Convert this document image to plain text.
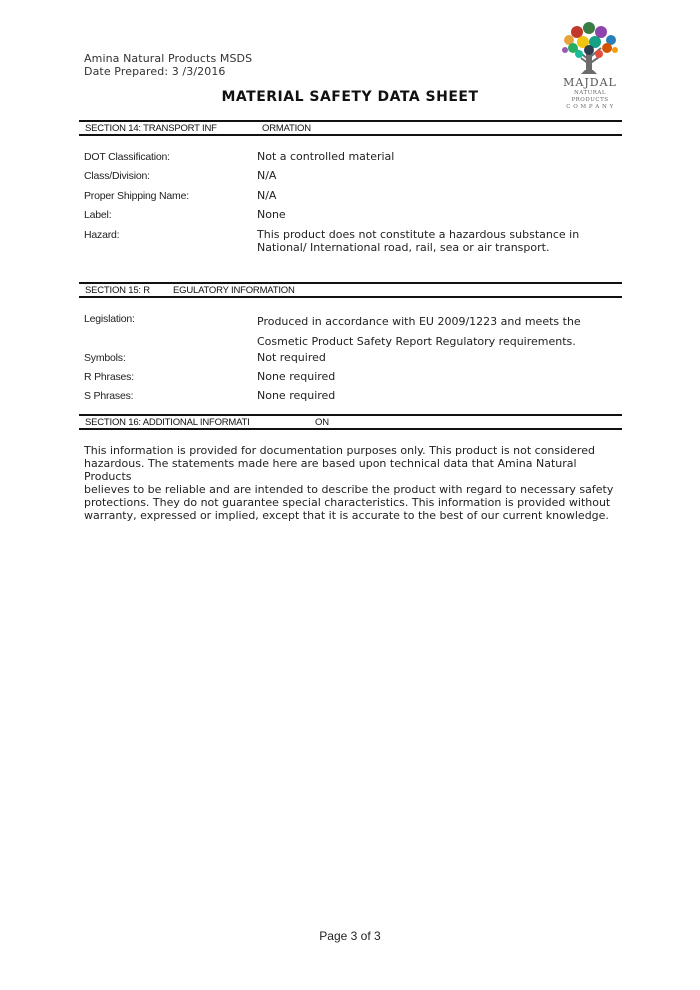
Amina Natural Products MSDS
Date Prepared: 3 /3/2016
MAJDAL
NATURAL PRODUCTS
C O M P A N Y
MATERIAL SAFETY DATA SHEET
SECTION 14: TRANSPORT INF	ORMATION
DOT Classification:	Not a controlled material
Class/Division:	N/A
Proper Shipping Name:	N/A
Label:	None
Hazard:	This product does not constitute a hazardous substance in
National/ International road, rail, sea or air transport.
SECTION 15: R EGULATORY INFORMATION
Legislation:	Produced in accordance with EU 2009/1223 and meets the
Cosmetic Product Safety Report Regulatory requirements.
Symbols:	Not required
R Phrases:	None required
S Phrases:	None required
SECTION 16: ADDITIONAL INFORMATI	ON
This information is provided for documentation purposes only. This product is not considered
hazardous. The statements made here are based upon technical data that Amina Natural Products
believes to be reliable and are intended to describe the product with regard to necessary safety
protections. They do not guarantee special characteristics. This information is provided without
warranty, expressed or implied, except that it is accurate to the best of our current knowledge.
Page 3 of 3
